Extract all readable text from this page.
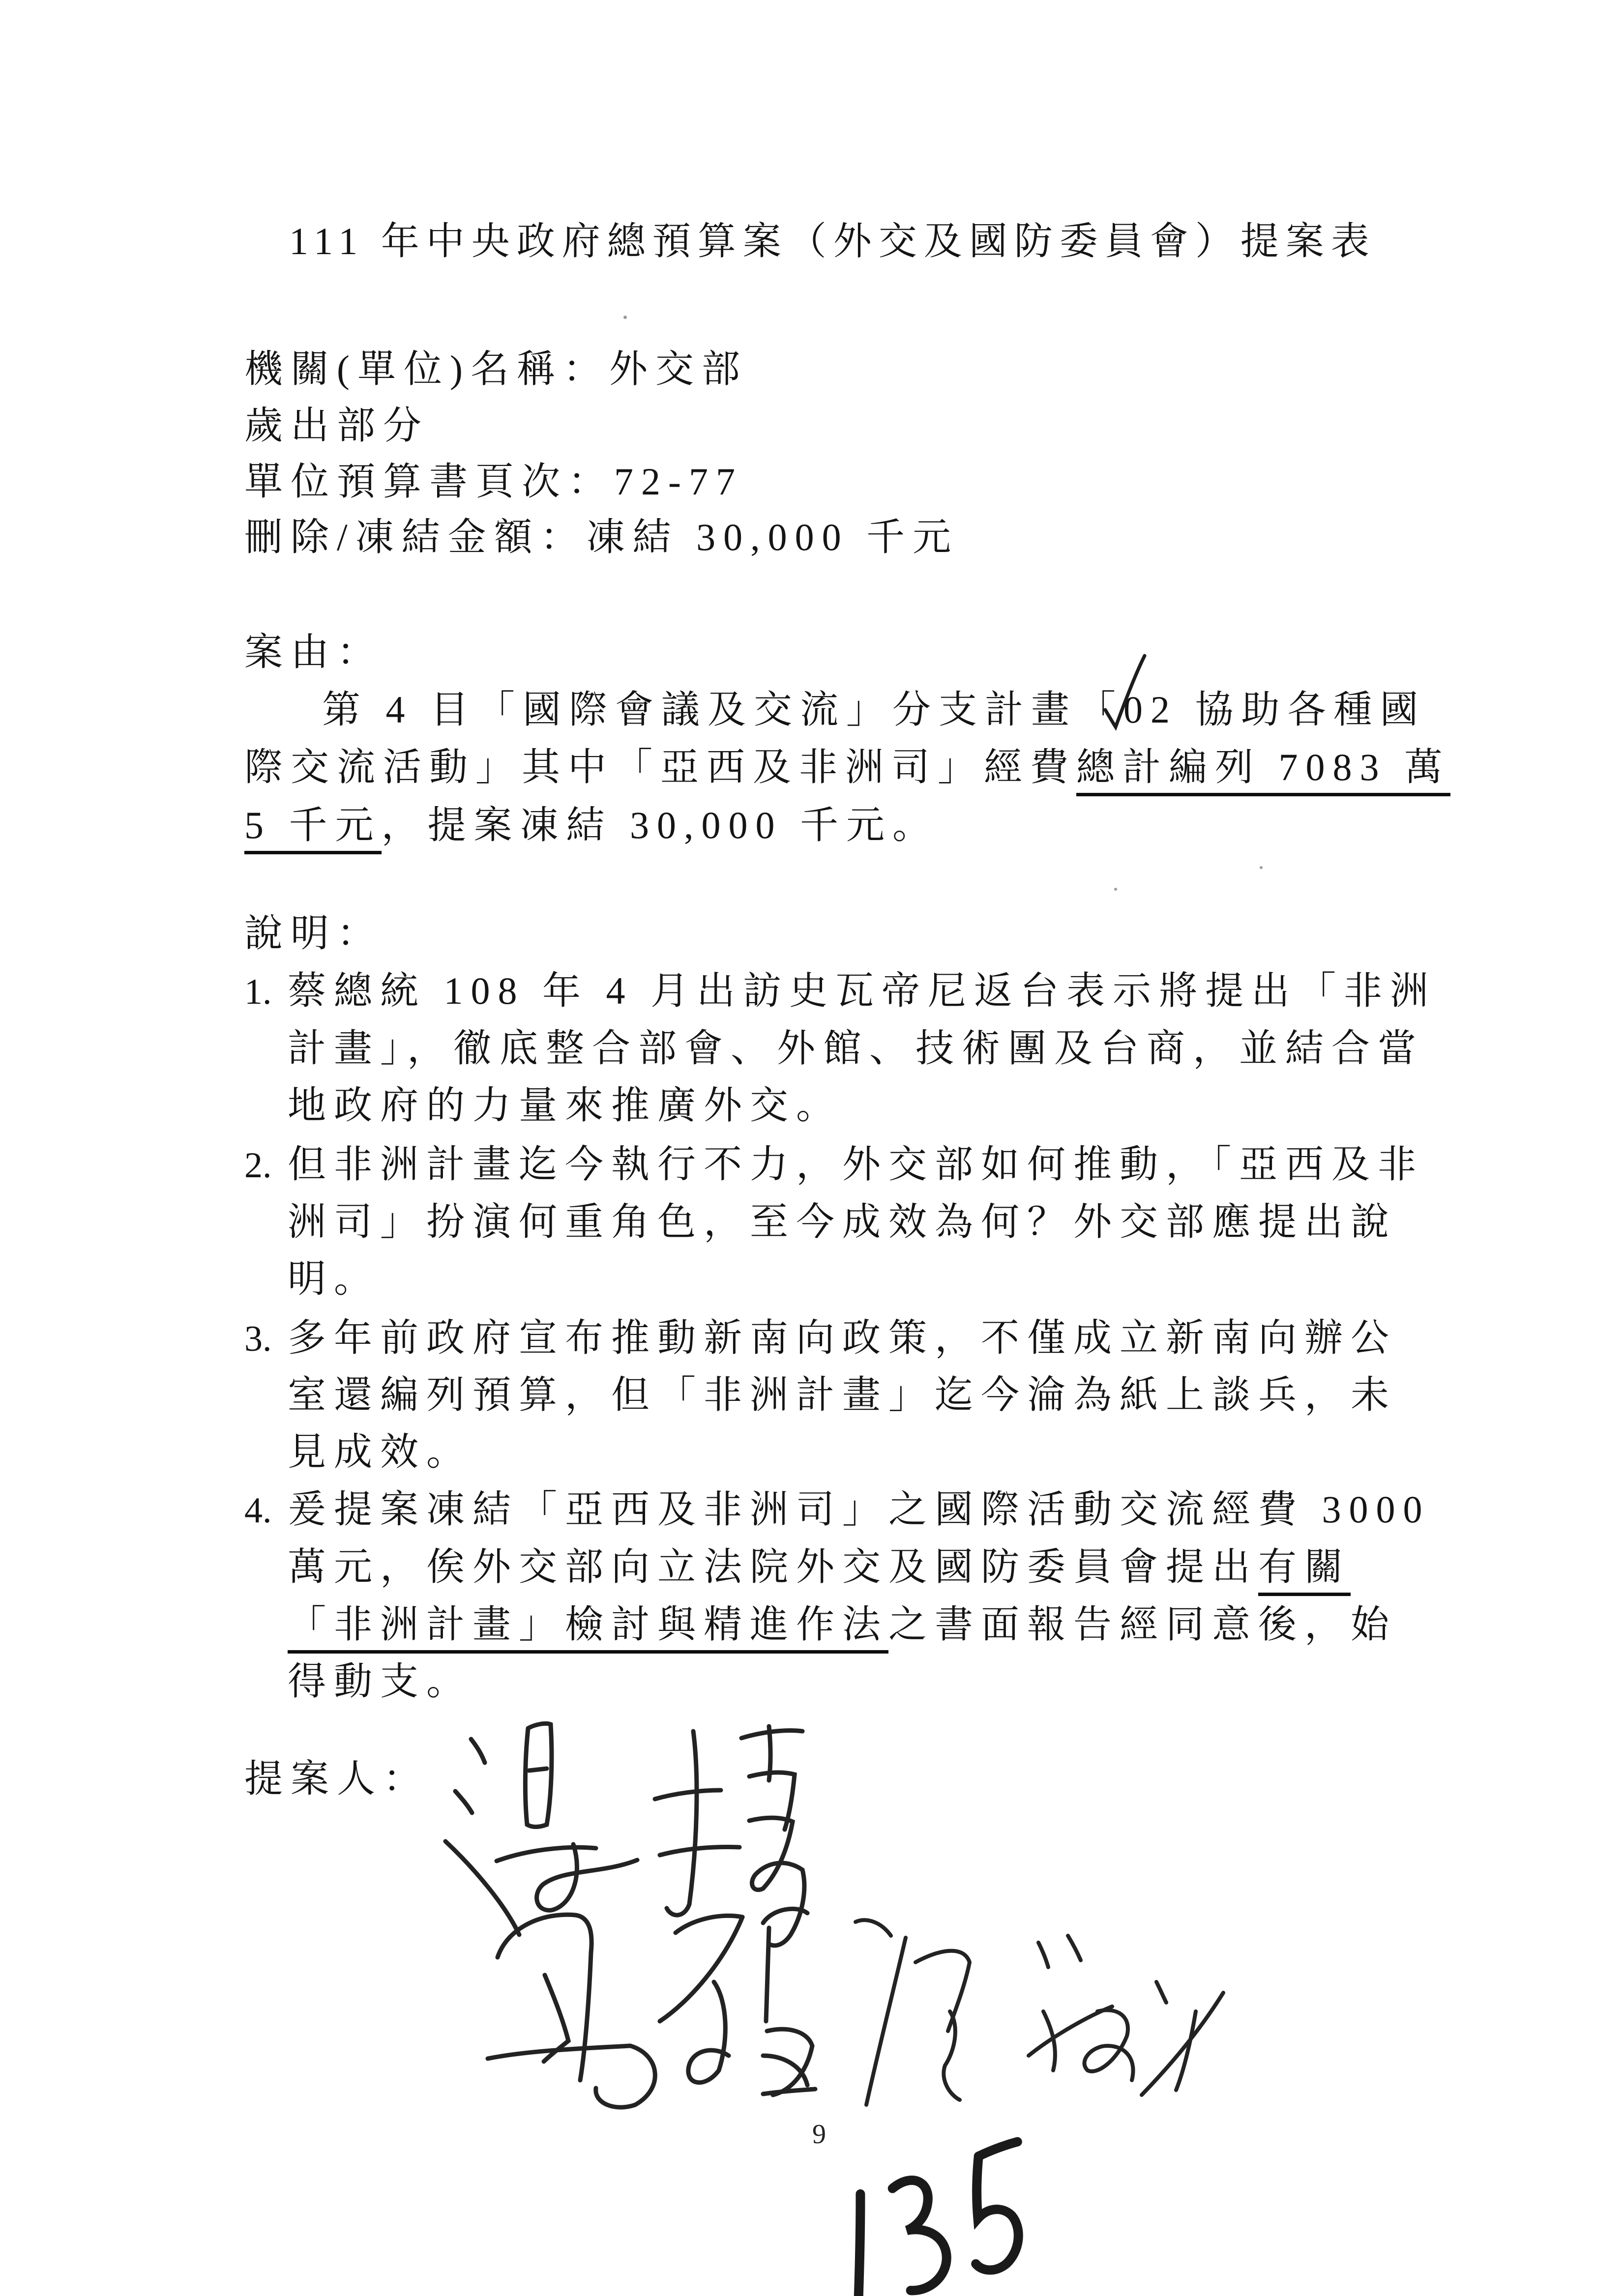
111 年中央政府總預算案（外交及國防委員會）提案表
機關(單位)名稱：外交部
歲出部分
單位預算書頁次：72-77
刪除/凍結金額：凍結 30,000 千元
案由：
第 4 目「國際會議及交流」分支計畫「02 協助各種國
際交流活動」其中「亞西及非洲司」經費總計編列 7083 萬
5 千元，提案凍結 30,000 千元。
說明：
1. 蔡總統 108 年 4 月出訪史瓦帝尼返台表示將提出「非洲
計畫」，徹底整合部會、外館、技術團及台商，並結合當
地政府的力量來推廣外交。
2. 但非洲計畫迄今執行不力，外交部如何推動，「亞西及非
洲司」扮演何重角色，至今成效為何？外交部應提出說
明。
3. 多年前政府宣布推動新南向政策，不僅成立新南向辦公
室還編列預算，但「非洲計畫」迄今淪為紙上談兵，未
見成效。
4. 爰提案凍結「亞西及非洲司」之國際活動交流經費 3000
萬元，俟外交部向立法院外交及國防委員會提出有關
「非洲計畫」檢討與精進作法之書面報告經同意後，始
得動支。
提案人：
9
